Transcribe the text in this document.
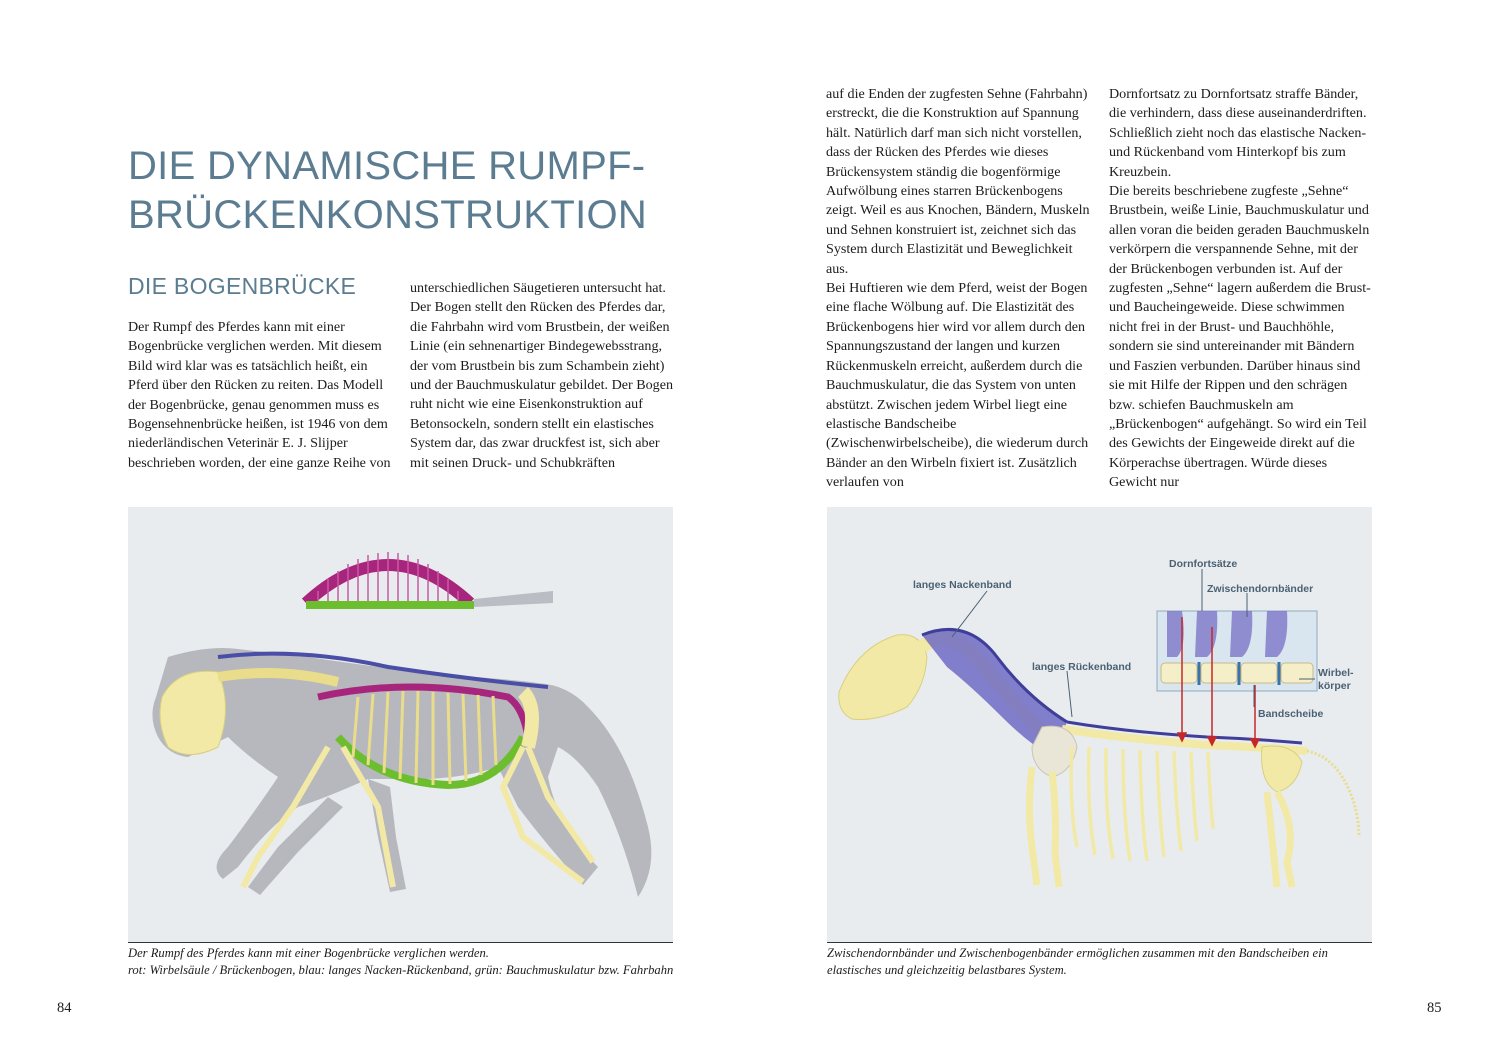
DIE DYNAMISCHE RUMPF-
BRÜCKENKONSTRUKTION
DIE BOGENBRÜCKE

Der Rumpf des Pferdes kann mit einer Bogenbrücke verglichen werden. Mit diesem Bild wird klar was es tatsächlich heißt, ein Pferd über den Rücken zu reiten. Das Modell der Bogenbrücke, genau genommen muss es Bogensehnenbrücke heißen, ist 1946 von dem niederländischen Veterinär E. J. Slijper beschrieben worden, der eine ganze Reihe von

unterschiedlichen Säugetieren untersucht hat. Der Bogen stellt den Rücken des Pferdes dar, die Fahrbahn wird vom Brustbein, der weißen Linie (ein sehnenartiger Bindegewebsstrang, der vom Brustbein bis zum Schambein zieht) und der Bauchmuskulatur gebildet. Der Bogen ruht nicht wie eine Eisenkonstruktion auf Betonsockeln, sondern stellt ein elastisches System dar, das zwar druckfest ist, sich aber mit seinen Druck- und Schubkräften

Der Rumpf des Pferdes kann mit einer Bogenbrücke verglichen werden.
rot: Wirbelsäule / Brückenbogen, blau: langes Nacken-Rückenband, grün: Bauchmuskulatur bzw. Fahrbahn
84

auf die Enden der zugfesten Sehne (Fahrbahn) erstreckt, die die Konstruktion auf Spannung hält. Natürlich darf man sich nicht vorstellen, dass der Rücken des Pferdes wie dieses Brückensystem ständig die bogenförmige Aufwölbung eines starren Brückenbogens zeigt. Weil es aus Knochen, Bändern, Muskeln und Sehnen konstruiert ist, zeichnet sich das System durch Elastizität und Beweglichkeit aus.

Bei Huftieren wie dem Pferd, weist der Bogen eine flache Wölbung auf. Die Elastizität des Brückenbogens hier wird vor allem durch den Spannungszustand der langen und kurzen Rückenmuskeln erreicht, außerdem durch die Bauchmuskulatur, die das System von unten abstützt. Zwischen jedem Wirbel liegt eine elastische Bandscheibe (Zwischenwirbelscheibe), die wiederum durch Bänder an den Wirbeln fixiert ist. Zusätzlich verlaufen von

Dornfortsatz zu Dornfortsatz straffe Bänder, die verhindern, dass diese auseinanderdriften. Schließlich zieht noch das elastische Nacken- und Rückenband vom Hinterkopf bis zum Kreuzbein.

Die bereits beschriebene zugfeste „Sehne“ Brustbein, weiße Linie, Bauchmuskulatur und allen voran die beiden geraden Bauchmuskeln verkörpern die verspannende Sehne, mit der der Brückenbogen verbunden ist. Auf der zugfesten „Sehne“ lagern außerdem die Brust- und Baucheingeweide. Diese schwimmen nicht frei in der Brust- und Bauchhöhle, sondern sie sind untereinander mit Bändern und Faszien verbunden. Darüber hinaus sind sie mit Hilfe der Rippen und den schrägen bzw. schiefen Bauchmuskeln am „Brückenbogen“ aufgehängt. So wird ein Teil des Gewichts der Eingeweide direkt auf die Körperachse übertragen. Würde dieses Gewicht nur

langes Nackenband
langes Rückenband
Dornfortsätze
Zwischendornbänder
Wirbel-
körper
Bandscheibe
Zwischendornbänder und Zwischenbogenbänder ermöglichen zusammen mit den Bandscheiben ein
elastisches und gleichzeitig belastbares System.
85
